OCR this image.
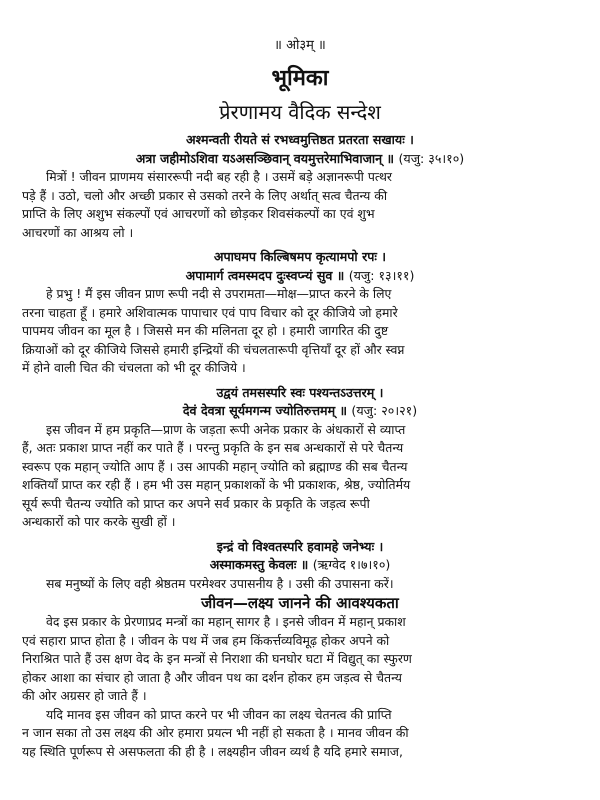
॥ ओ३म् ॥
भूमिका
प्रेरणामय वैदिक सन्देश
अश्मन्वती रीयते सं रभध्वमुत्तिष्ठत प्रतरता सखायः ।
अत्रा जहीमोऽशिवा यऽअसञ्छिवान् वयमुत्तरेमाभिवाजान् ॥ (यजु: ३५।१०)
मित्रों ! जीवन प्राणमय संसाररूपी नदी बह रही है । उसमें बड़े अज्ञानरूपी पत्थर
पड़े हैं । उठो, चलो और अच्छी प्रकार से उसको तरने के लिए अर्थात् सत्व चैतन्य की
प्राप्ति के लिए अशुभ संकल्पों एवं आचरणों को छोड़कर शिवसंकल्पों का एवं शुभ
आचरणों का आश्रय लो ।
अपाघमप किल्बिषमप कृत्यामपो रपः ।
अपामार्ग त्वमस्मदप दुःस्वप्न्यं सुव ॥ (यजु: १३।११)
हे प्रभु ! मैं इस जीवन प्राण रूपी नदी से उपरामता—मोक्ष—प्राप्त करने के लिए
तरना चाहता हूँ । हमारे अशिवात्मक पापाचार एवं पाप विचार को दूर कीजिये जो हमारे
पापमय जीवन का मूल है । जिससे मन की मलिनता दूर हो । हमारी जागरित की दुष्ट
क्रियाओं को दूर कीजिये जिससे हमारी इन्द्रियों की चंचलतारूपी वृत्तियाँ दूर हों और स्वप्न
में होने वाली चित की चंचलता को भी दूर कीजिये ।
उद्वयं तमसस्परि स्वः पश्यन्तऽउत्तरम् ।
देवं देवत्रा सूर्यमगन्म ज्योतिरुत्तमम् ॥ (यजु: २०।२१)
इस जीवन में हम प्रकृति—प्राण के जड़ता रूपी अनेक प्रकार के अंधकारों से व्याप्त
हैं, अतः प्रकाश प्राप्त नहीं कर पाते हैं । परन्तु प्रकृति के इन सब अन्धकारों से परे चैतन्य
स्वरूप एक महान् ज्योति आप हैं । उस आपकी महान् ज्योति को ब्रह्माण्ड की सब चैतन्य
शक्तियाँ प्राप्त कर रही हैं । हम भी उस महान् प्रकाशकों के भी प्रकाशक, श्रेष्ठ, ज्योतिर्मय
सूर्य रूपी चैतन्य ज्योति को प्राप्त कर अपने सर्व प्रकार के प्रकृति के जड़त्व रूपी
अन्धकारों को पार करके सुखी हों ।
इन्द्रं वो विश्वतस्परि हवामहे जनेभ्यः ।
अस्माकमस्तु केवलः ॥ (ऋग्वेद १।७।१०)
सब मनुष्यों के लिए वही श्रेष्ठतम परमेश्वर उपासनीय है । उसी की उपासना करें।
जीवन—लक्ष्य जानने की आवश्यकता
वेद इस प्रकार के प्रेरणाप्रद मन्त्रों का महान् सागर है । इनसे जीवन में महान् प्रकाश
एवं सहारा प्राप्त होता है । जीवन के पथ में जब हम किंकर्त्तव्यविमूढ़ होकर अपने को
निराश्रित पाते हैं उस क्षण वेद के इन मन्त्रों से निराशा की घनघोर घटा में विद्युत् का स्फुरण
होकर आशा का संचार हो जाता है और जीवन पथ का दर्शन होकर हम जड़त्व से चैतन्य
की ओर अग्रसर हो जाते हैं ।
यदि मानव इस जीवन को प्राप्त करने पर भी जीवन का लक्ष्य चेतनत्व की प्राप्ति
न जान सका तो उस लक्ष्य की ओर हमारा प्रयत्न भी नहीं हो सकता है । मानव जीवन की
यह स्थिति पूर्णरूप से असफलता की ही है । लक्ष्यहीन जीवन व्यर्थ है यदि हमारे समाज,
